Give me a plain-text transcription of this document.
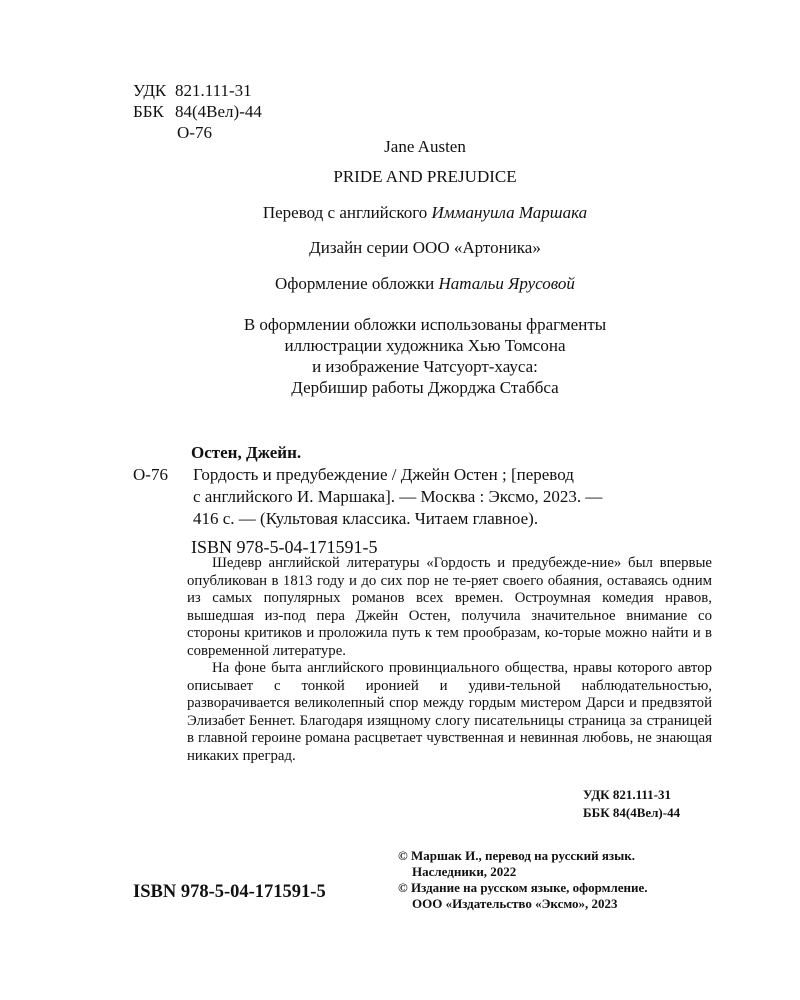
УДК 821.111-31
ББК 84(4Вел)-44
О-76
Jane Austen
PRIDE AND PREJUDICE
Перевод с английского Иммануила Маршака
Дизайн серии ООО «Артоника»
Оформление обложки Натальи Ярусовой
В оформлении обложки использованы фрагменты
иллюстрации художника Хью Томсона
и изображение Чатсуорт-хауса:
Дербишир работы Джорджа Стаббса
Остен, Джейн.
О-76	Гордость и предубеждение / Джейн Остен ; [перевод
с английского И. Маршака]. — Москва : Эксмо, 2023. —
416 с. — (Культовая классика. Читаем главное).
ISBN 978-5-04-171591-5

Шедевр английской литературы «Гордость и предубежде-ние» был впервые опубликован в 1813 году и до сих пор не те-ряет своего обаяния, оставаясь одним из самых популярных романов всех времен. Остроумная комедия нравов, вышедшая из-под пера Джейн Остен, получила значительное внимание со стороны критиков и проложила путь к тем прообразам, ко-торые можно найти и в современной литературе.

На фоне быта английского провинциального общества, нравы которого автор описывает с тонкой иронией и удиви-тельной наблюдательностью, разворачивается великолепный спор между гордым мистером Дарси и предвзятой Элизабет Беннет. Благодаря изящному слогу писательницы страница за страницей в главной героине романа расцветает чувственная и невинная любовь, не знающая никаких преград.

УДК 821.111-31
ББК 84(4Вел)-44
© Маршак И., перевод на русский язык.
Наследники, 2022
© Издание на русском языке, оформление.
ООО «Издательство «Эксмо», 2023
ISBN 978-5-04-171591-5
